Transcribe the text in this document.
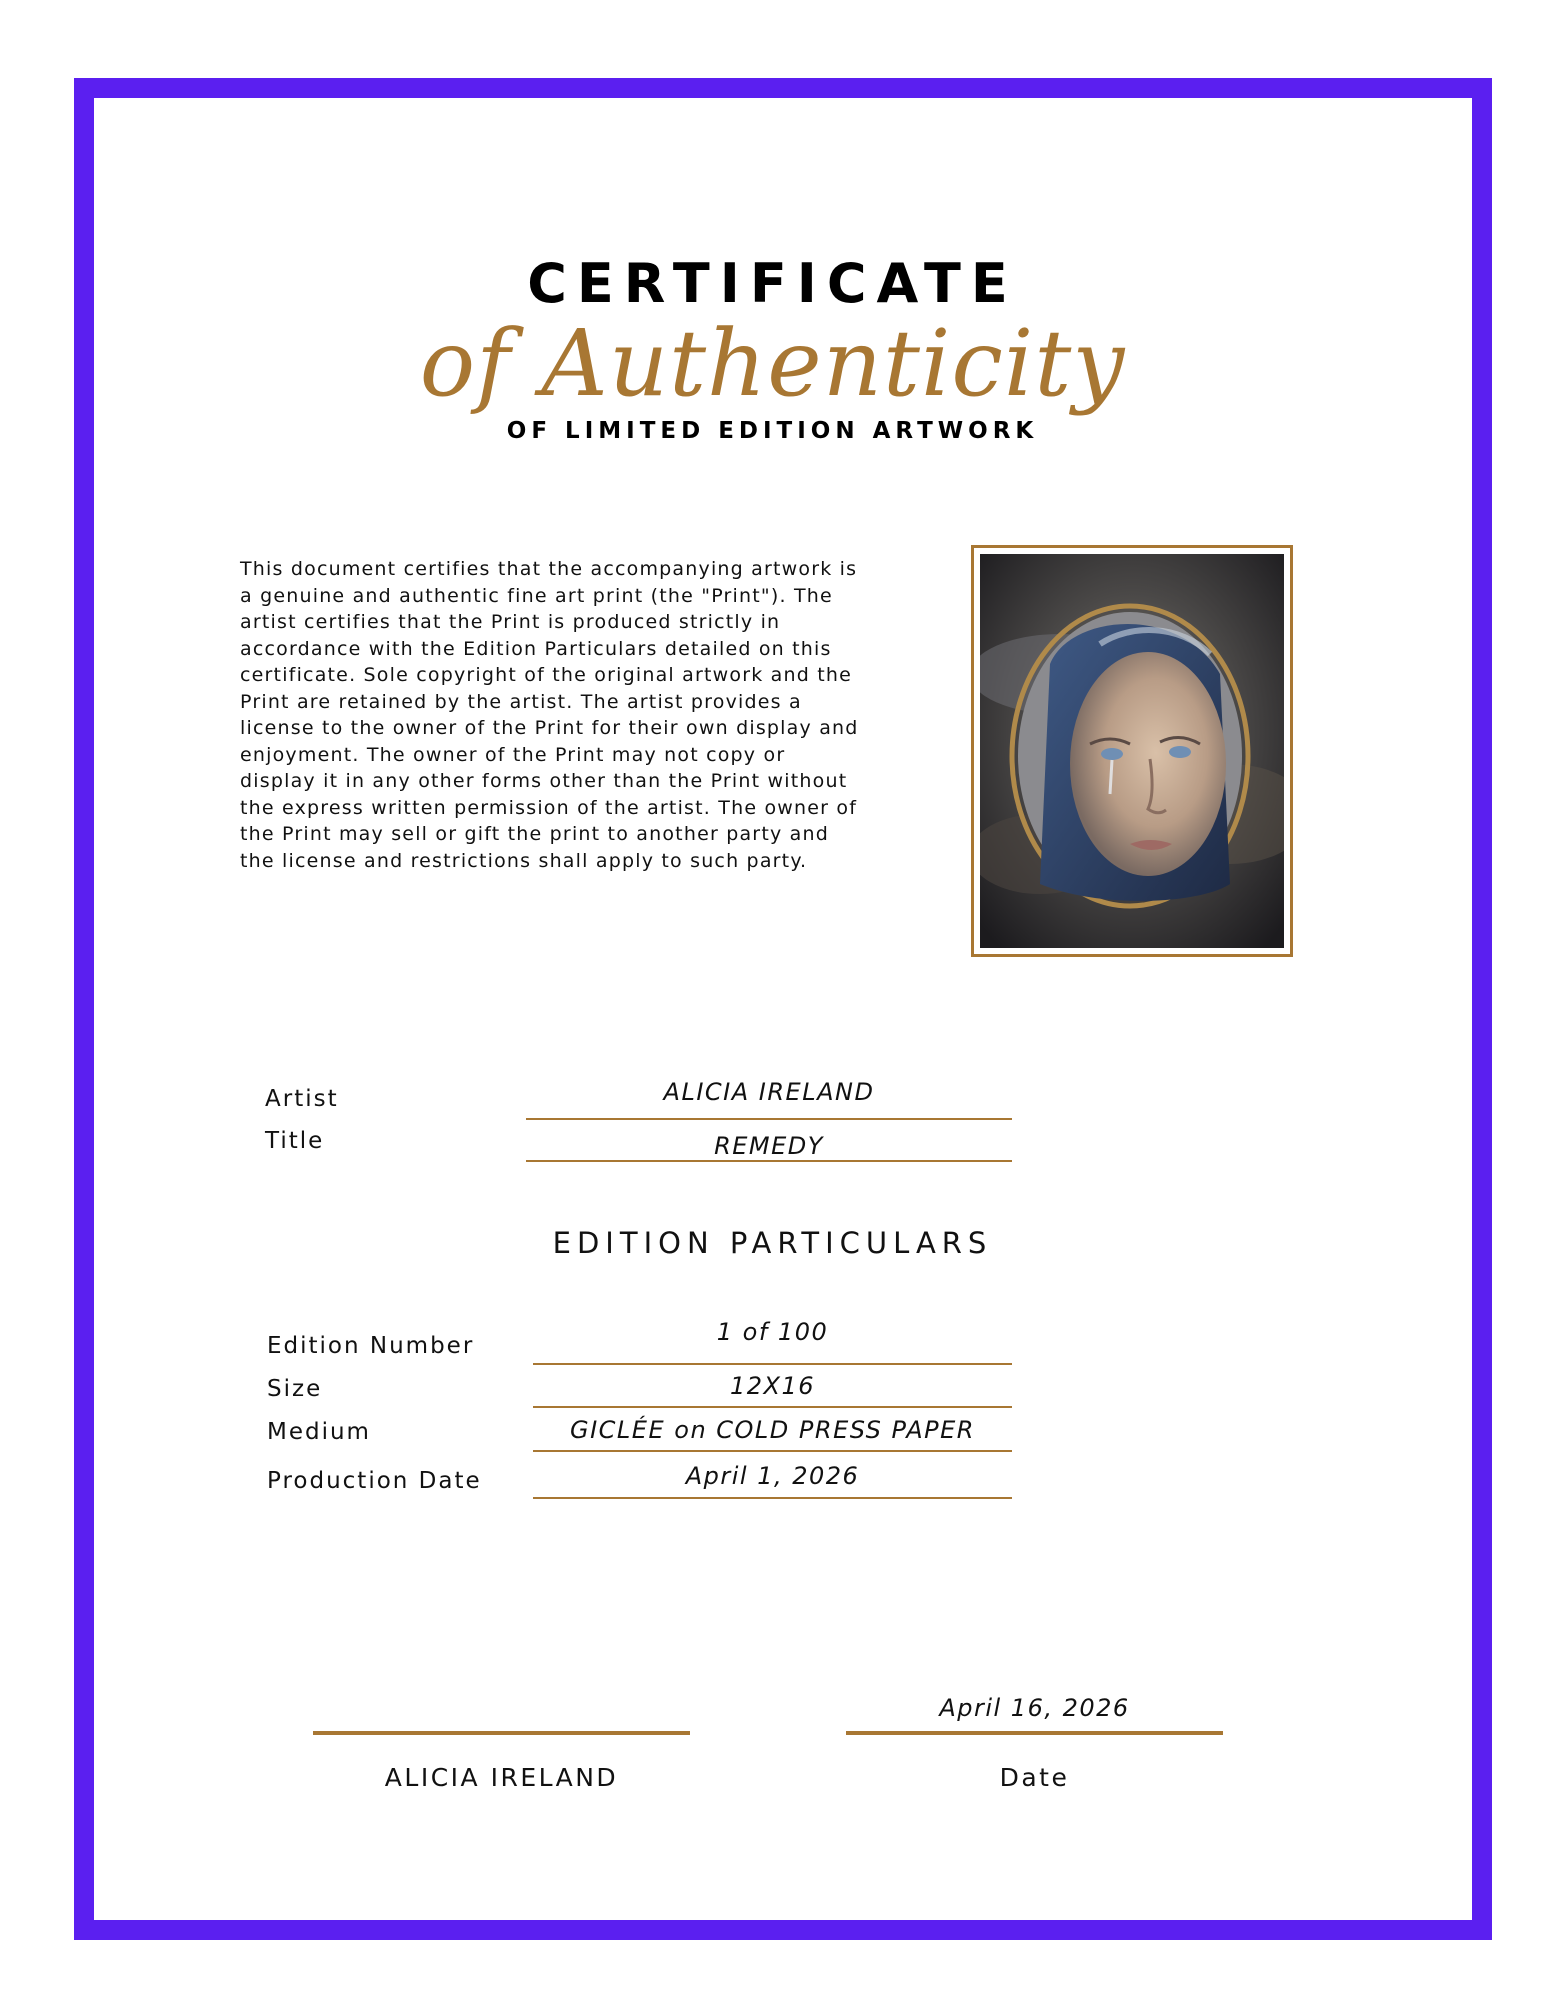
CERTIFICATE
of Authenticity
OF LIMITED EDITION ARTWORK
This document certifies that the accompanying artwork is a genuine and authentic fine art print (the "Print"). The artist certifies that the Print is produced strictly in accordance with the Edition Particulars detailed on this certificate. Sole copyright of the original artwork and the Print are retained by the artist. The artist provides a license to the owner of the Print for their own display and enjoyment. The owner of the Print may not copy or display it in any other forms other than the Print without the express written permission of the artist. The owner of the Print may sell or gift the print to another party and the license and restrictions shall apply to such party.
Artist	ALICIA IRELAND
Title	REMEDY
EDITION PARTICULARS
Edition Number	1 of 100
Size	12X16
Medium	GICLÉE on COLD PRESS PAPER
Production Date	April 1, 2026
ALICIA IRELAND
April 16, 2026
Date
